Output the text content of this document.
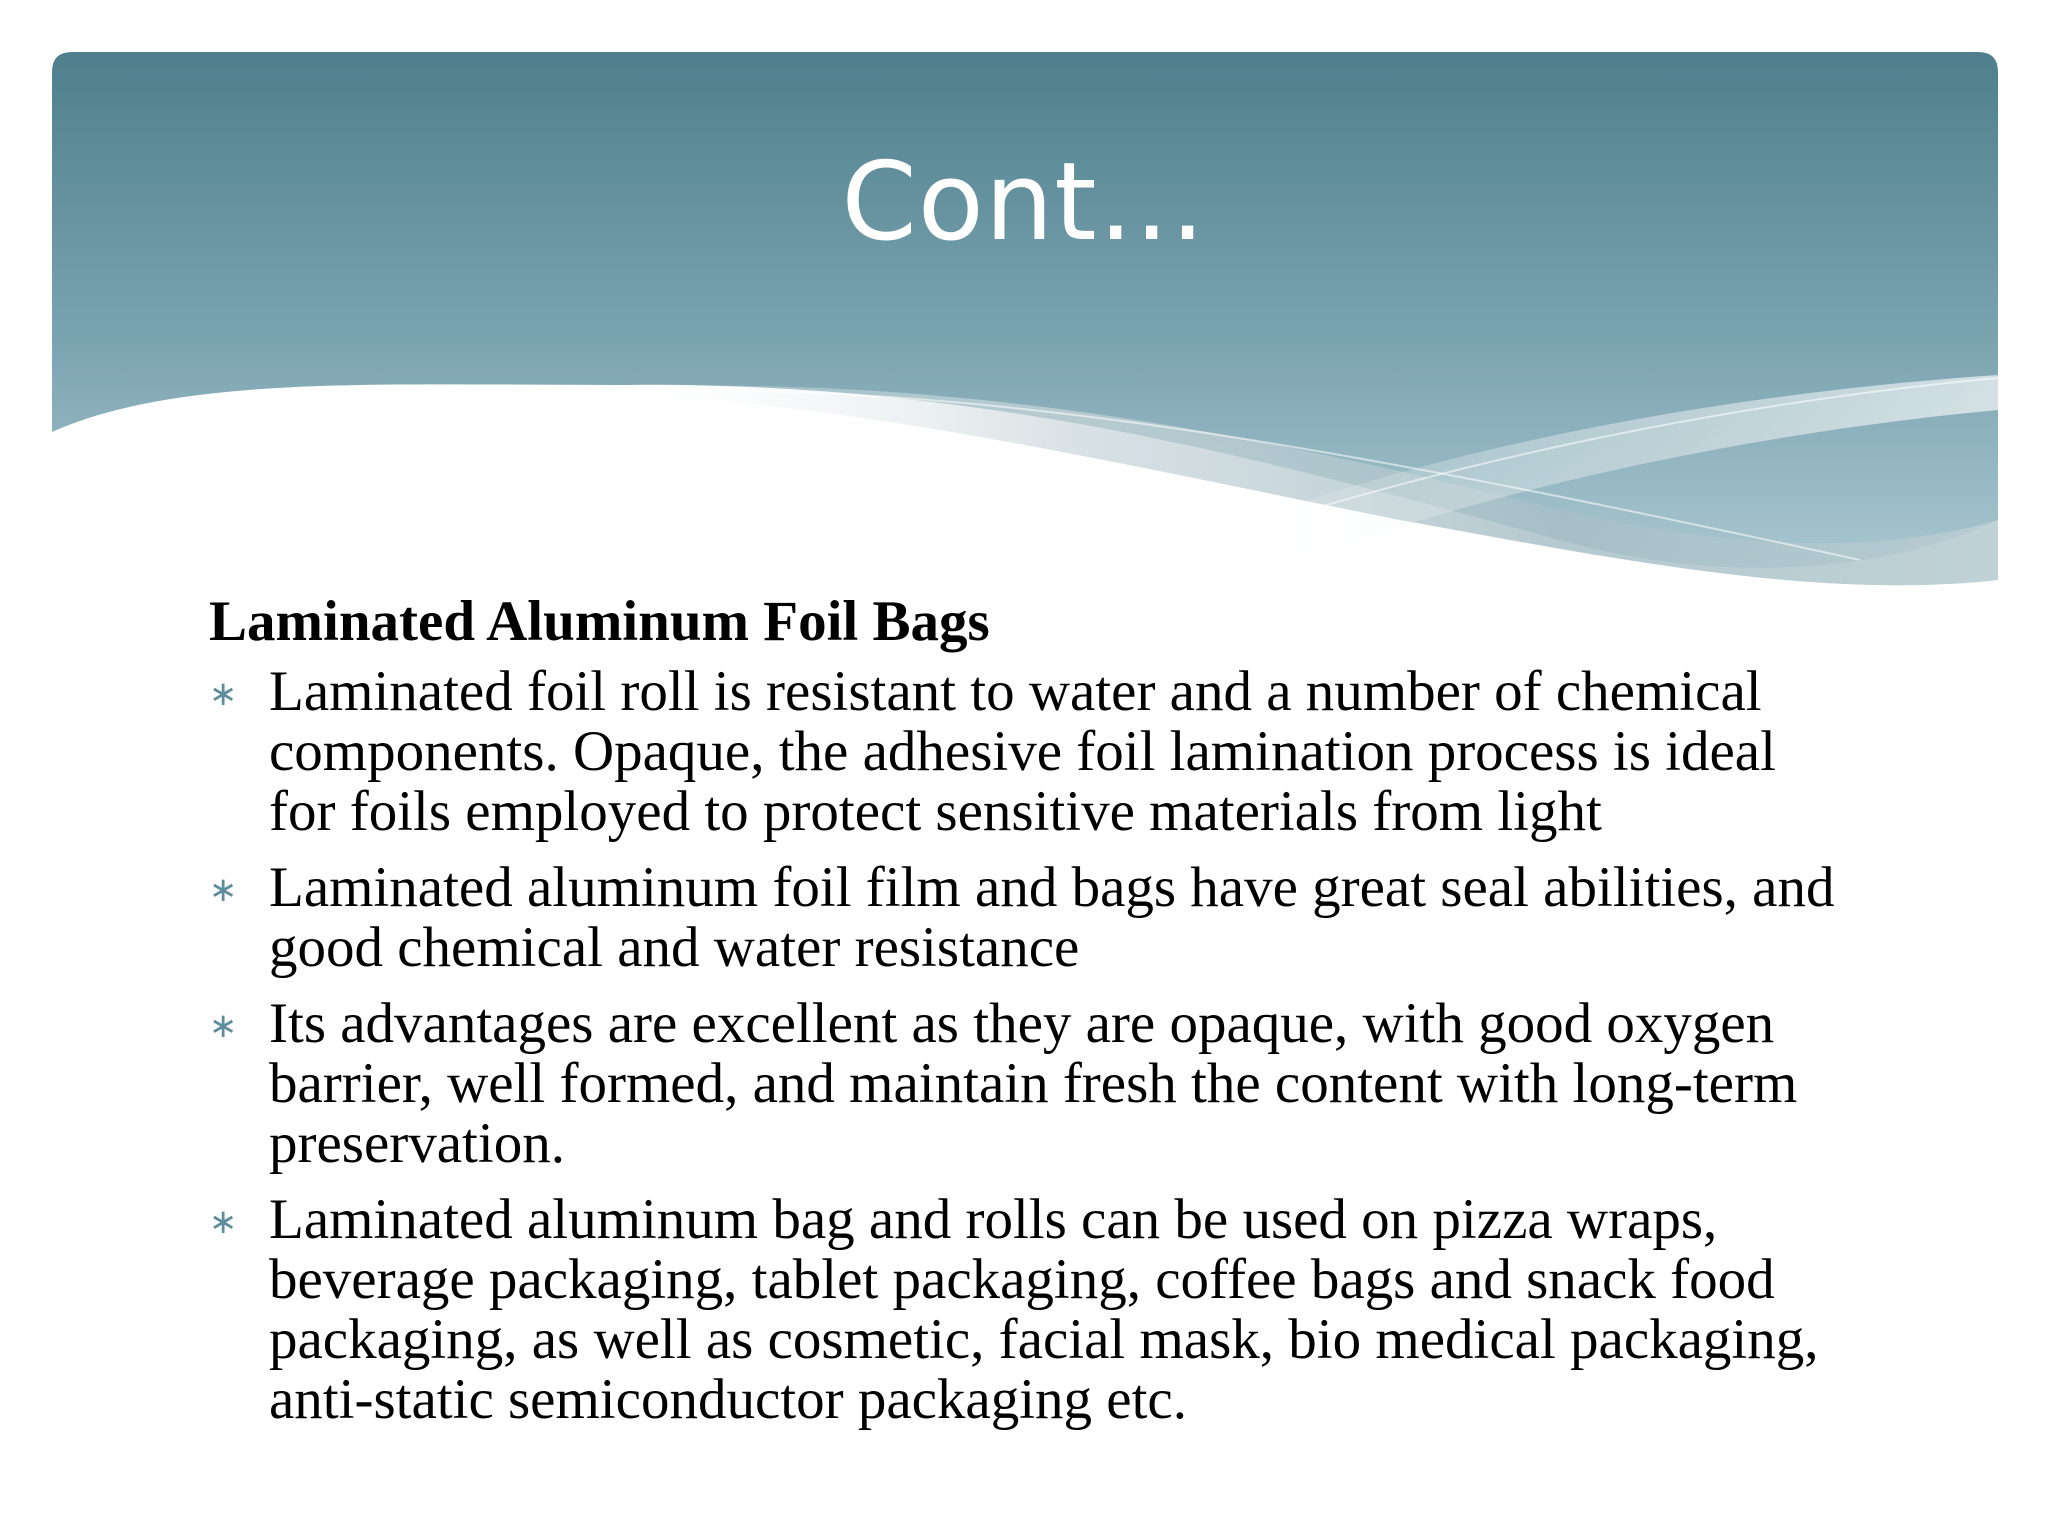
Cont…

Laminated Aluminum Foil Bags

∗ Laminated foil roll is resistant to water and a number of chemical components. Opaque, the adhesive foil lamination process is ideal for foils employed to protect sensitive materials from light
∗ Laminated aluminum foil film and bags have great seal abilities, and good chemical and water resistance
∗ Its advantages are excellent as they are opaque, with good oxygen barrier, well formed, and maintain fresh the content with long-term preservation.
∗ Laminated aluminum bag and rolls can be used on pizza wraps, beverage packaging, tablet packaging, coffee bags and snack food packaging, as well as cosmetic, facial mask, bio medical packaging, anti-static semiconductor packaging etc.
